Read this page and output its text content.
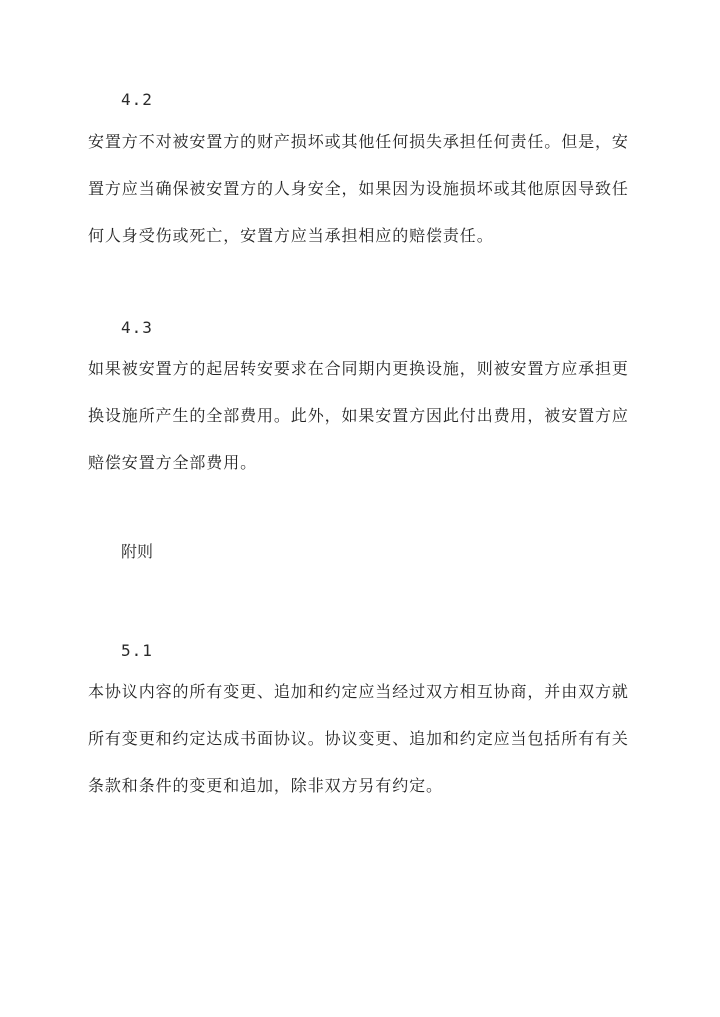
4.2
安置方不对被安置方的财产损坏或其他任何损失承担任何责任。但是，安
置方应当确保被安置方的人身安全，如果因为设施损坏或其他原因导致任
何人身受伤或死亡，安置方应当承担相应的赔偿责任。
4.3
如果被安置方的起居转安要求在合同期内更换设施，则被安置方应承担更
换设施所产生的全部费用。此外，如果安置方因此付出费用，被安置方应
赔偿安置方全部费用。
附则
5.1
本协议内容的所有变更、追加和约定应当经过双方相互协商，并由双方就
所有变更和约定达成书面协议。协议变更、追加和约定应当包括所有有关
条款和条件的变更和追加，除非双方另有约定。
